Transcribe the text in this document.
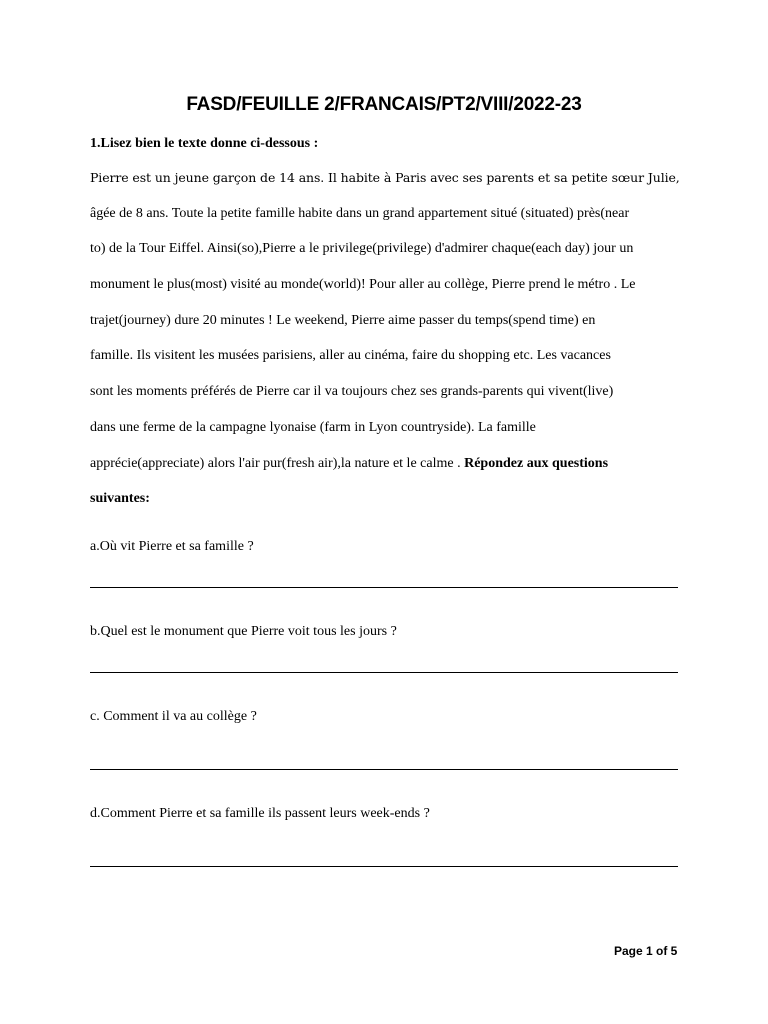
FASD/FEUILLE 2/FRANCAIS/PT2/VIII/2022-23
1.Lisez bien le texte donne ci-dessous :
Pierre est un jeune garçon de 14 ans. Il habite à Paris avec ses parents et sa petite sœur Julie,
âgée de 8 ans. Toute la petite famille habite dans un grand appartement situé (situated) près(near
to) de la Tour Eiffel. Ainsi(so),Pierre a le privilege(privilege) d'admirer chaque(each day) jour un
monument le plus(most) visité au monde(world)! Pour aller au collège, Pierre prend le métro . Le
trajet(journey) dure 20 minutes ! Le weekend, Pierre aime passer du temps(spend time) en
famille. Ils visitent les musées parisiens, aller au cinéma, faire du shopping etc. Les vacances
sont les moments préférés de Pierre car il va toujours chez ses grands-parents qui vivent(live)
dans une ferme de la campagne lyonaise (farm in Lyon countryside). La famille
apprécie(appreciate) alors l'air pur(fresh air),la nature et le calme . Répondez aux questions
suivantes:
a.Où vit Pierre et sa famille ?
b.Quel est le monument que Pierre voit tous les jours ?
c. Comment il va au collège ?
d.Comment Pierre et sa famille ils passent leurs week-ends ?
Page 1 of 5
